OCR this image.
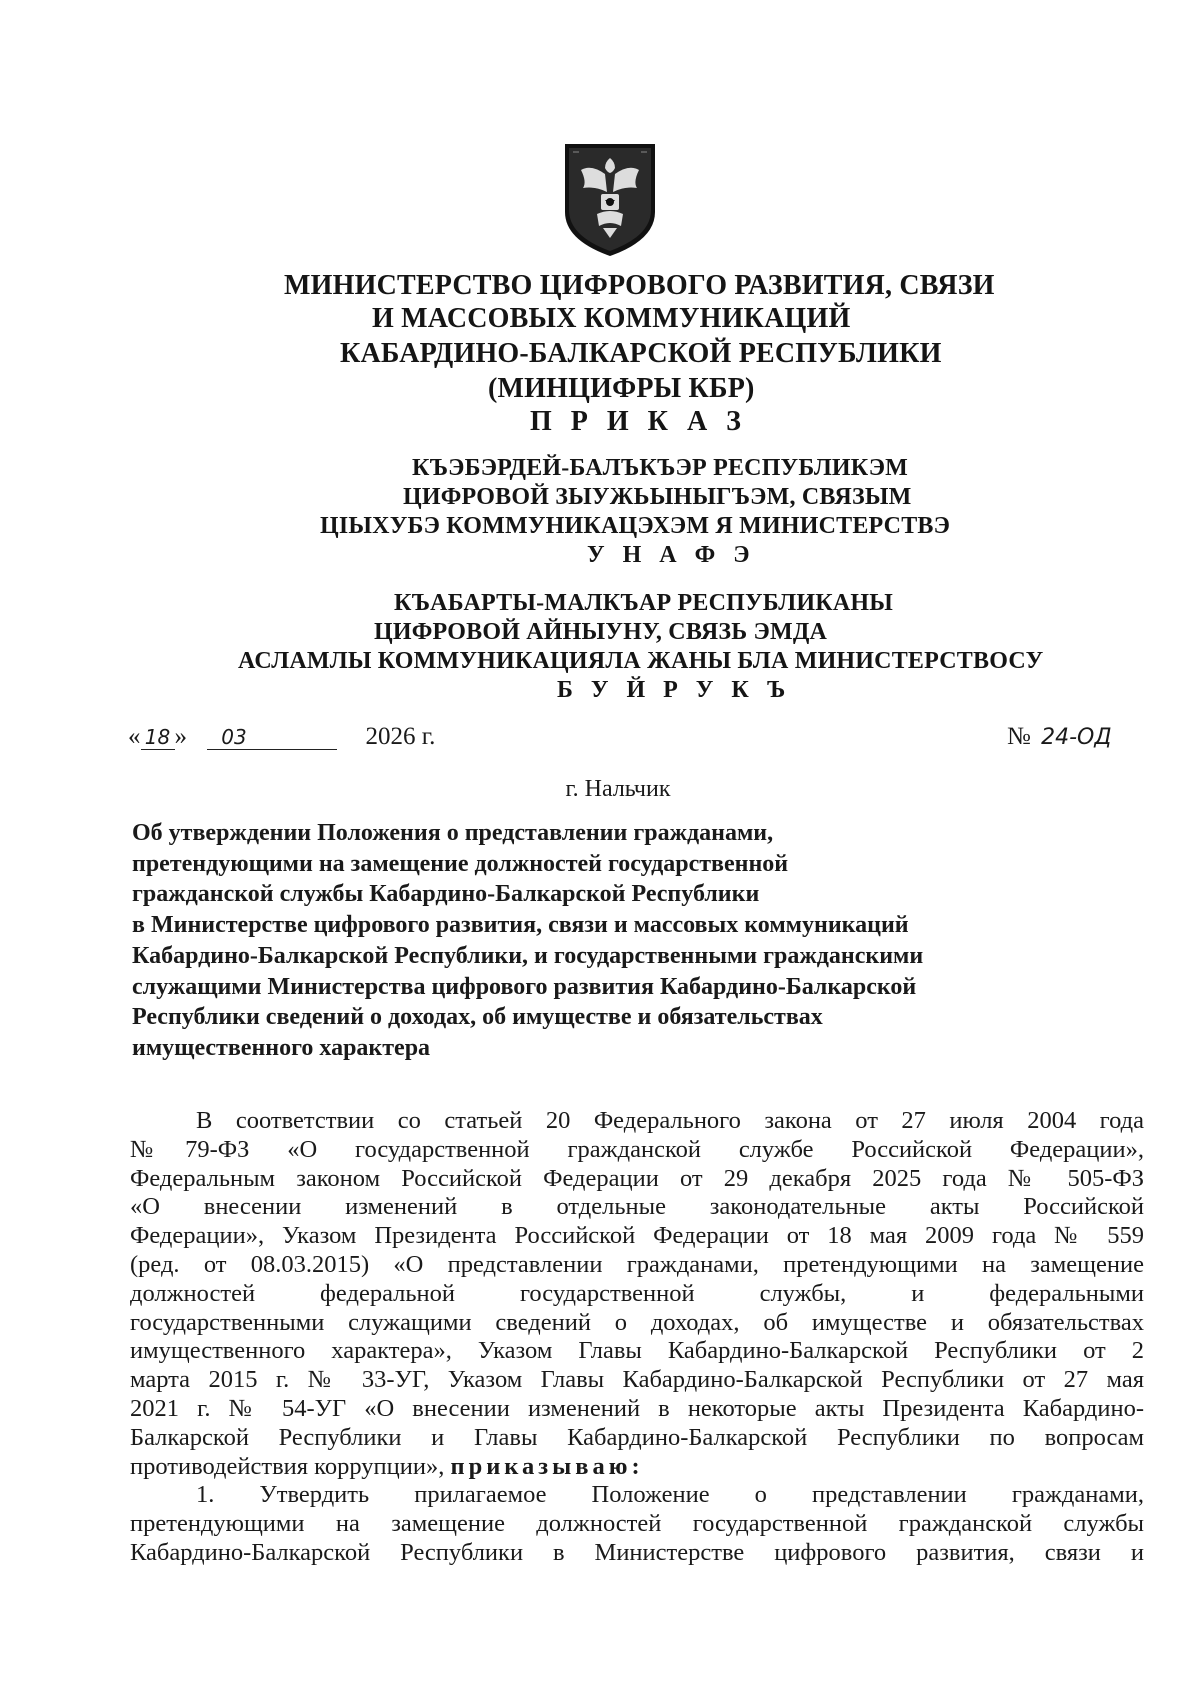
МИНИСТЕРСТВО ЦИФРОВОГО РАЗВИТИЯ, СВЯЗИ
И МАССОВЫХ КОММУНИКАЦИЙ
КАБАРДИНО-БАЛКАРСКОЙ РЕСПУБЛИКИ
(МИНЦИФРЫ КБР)
П Р И К А З
КЪЭБЭРДЕЙ-БАЛЪКЪЭР РЕСПУБЛИКЭМ
ЦИФРОВОЙ ЗЫУЖЬЫНЫГЪЭМ, СВЯЗЫМ
ЦIЫХУБЭ КОММУНИКАЦЭХЭМ Я МИНИСТЕРСТВЭ
У Н А Ф Э
КЪАБАРТЫ-МАЛКЪАР РЕСПУБЛИКАНЫ
ЦИФРОВОЙ АЙНЫУНУ, СВЯЗЬ ЭМДА
АСЛАМЛЫ КОММУНИКАЦИЯЛА ЖАНЫ БЛА МИНИСТЕРСТВОСУ
Б У Й Р У К Ъ
« 18 » 03	2026 г.	№ 24-ОД
г. Нальчик
Об утверждении Положения о представлении гражданами,
претендующими на замещение должностей государственной
гражданской службы Кабардино-Балкарской Республики
в Министерстве цифрового развития, связи и массовых коммуникаций
Кабардино-Балкарской Республики, и государственными гражданскими
служащими Министерства цифрового развития Кабардино-Балкарской
Республики сведений о доходах, об имуществе и обязательствах
имущественного характера
В соответствии со статьей 20 Федерального закона от 27 июля 2004 года
№79-ФЗ «О государственной гражданской службе Российской Федерации»,
Федеральным законом Российской Федерации от 29 декабря 2025 года № 505-ФЗ
«О внесении изменений в отдельные законодательные акты Российской
Федерации», Указом Президента Российской Федерации от 18 мая 2009 года № 559
(ред. от 08.03.2015) «О представлении гражданами, претендующими на замещение
должностей федеральной государственной службы, и федеральными
государственными служащими сведений о доходах, об имуществе и обязательствах
имущественного характера», Указом Главы Кабардино-Балкарской Республики от 2
марта 2015 г. № 33-УГ, Указом Главы Кабардино-Балкарской Республики от 27 мая
2021 г. № 54-УГ «О внесении изменений в некоторые акты Президента Кабардино-
Балкарской Республики и Главы Кабардино-Балкарской Республики по вопросам
противодействия коррупции», приказываю:
1. Утвердить прилагаемое Положение о представлении гражданами,
претендующими на замещение должностей государственной гражданской службы
Кабардино-Балкарской Республики в Министерстве цифрового развития, связи и
